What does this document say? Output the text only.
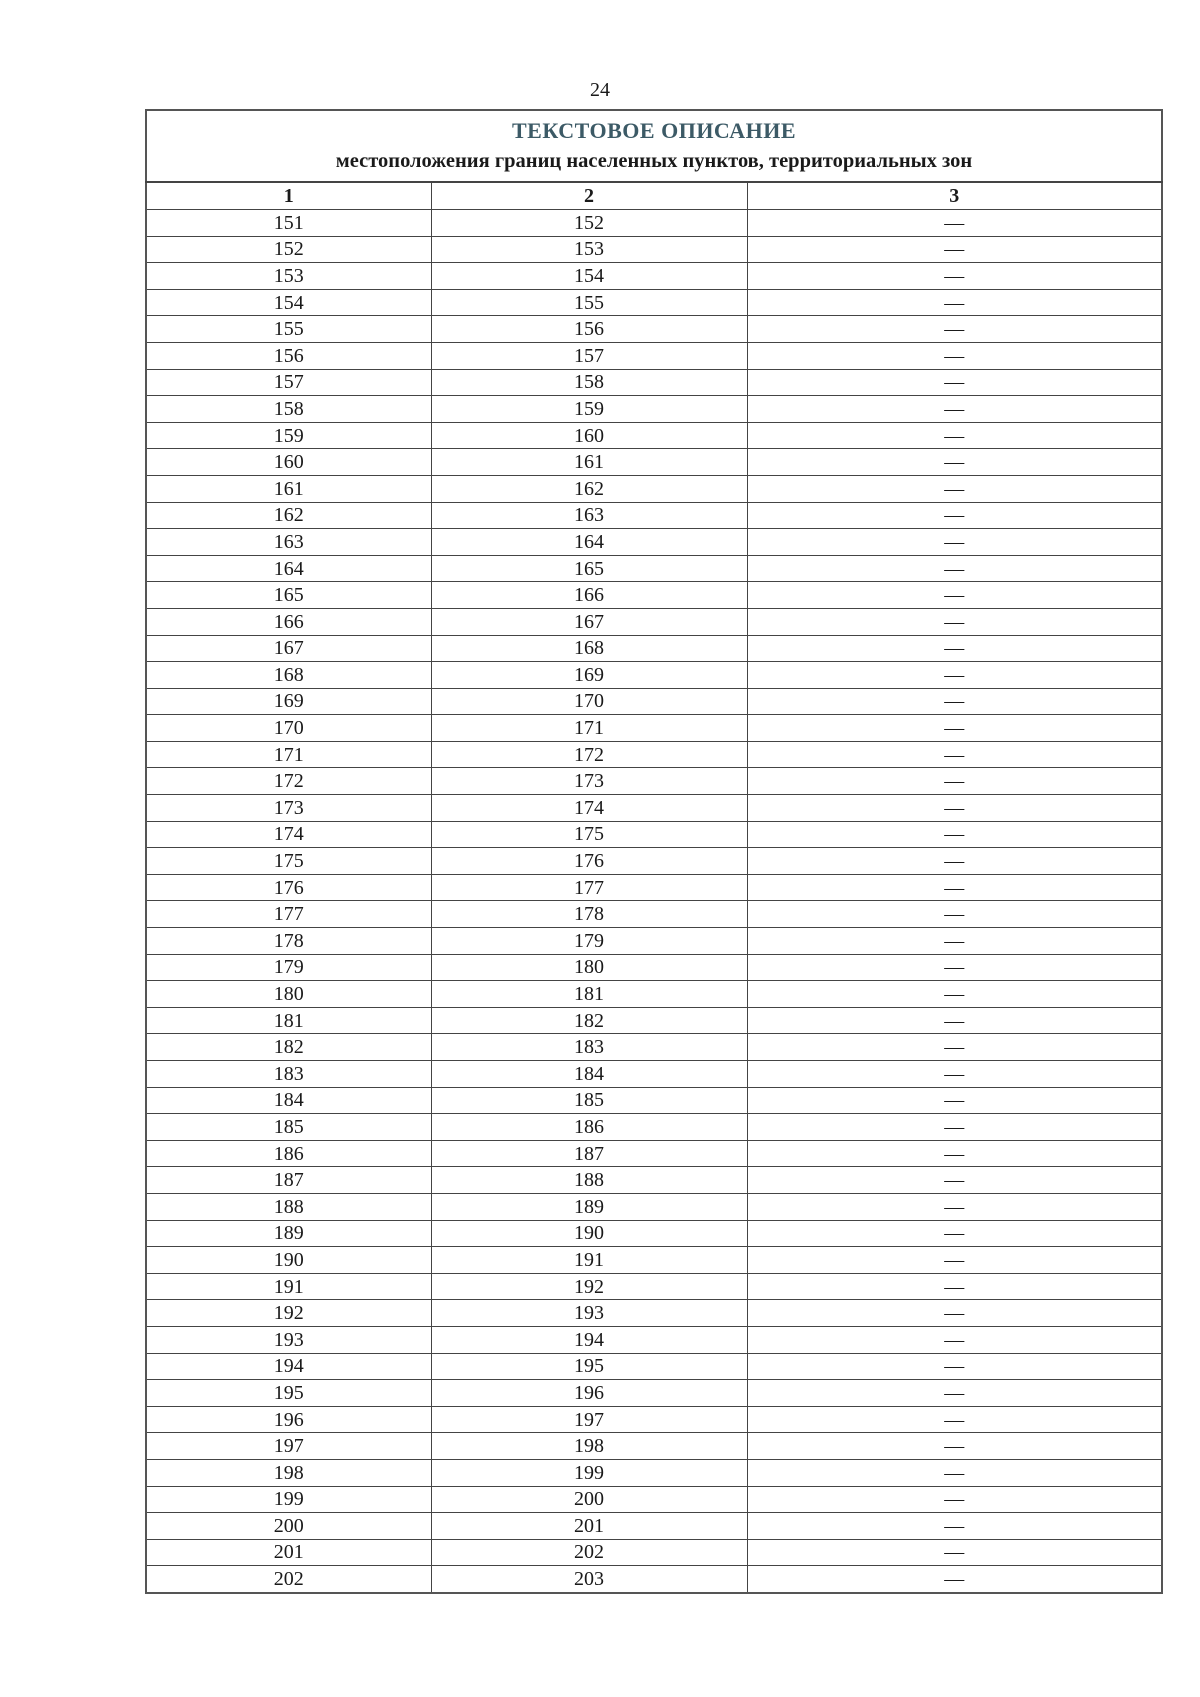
24
ТЕКСТОВОЕ ОПИСАНИЕ
местоположения границ населенных пунктов, территориальных зон		

1	2	3
151	152	—
152	153	—
153	154	—
154	155	—
155	156	—
156	157	—
157	158	—
158	159	—
159	160	—
160	161	—
161	162	—
162	163	—
163	164	—
164	165	—
165	166	—
166	167	—
167	168	—
168	169	—
169	170	—
170	171	—
171	172	—
172	173	—
173	174	—
174	175	—
175	176	—
176	177	—
177	178	—
178	179	—
179	180	—
180	181	—
181	182	—
182	183	—
183	184	—
184	185	—
185	186	—
186	187	—
187	188	—
188	189	—
189	190	—
190	191	—
191	192	—
192	193	—
193	194	—
194	195	—
195	196	—
196	197	—
197	198	—
198	199	—
199	200	—
200	201	—
201	202	—
202	203	—
